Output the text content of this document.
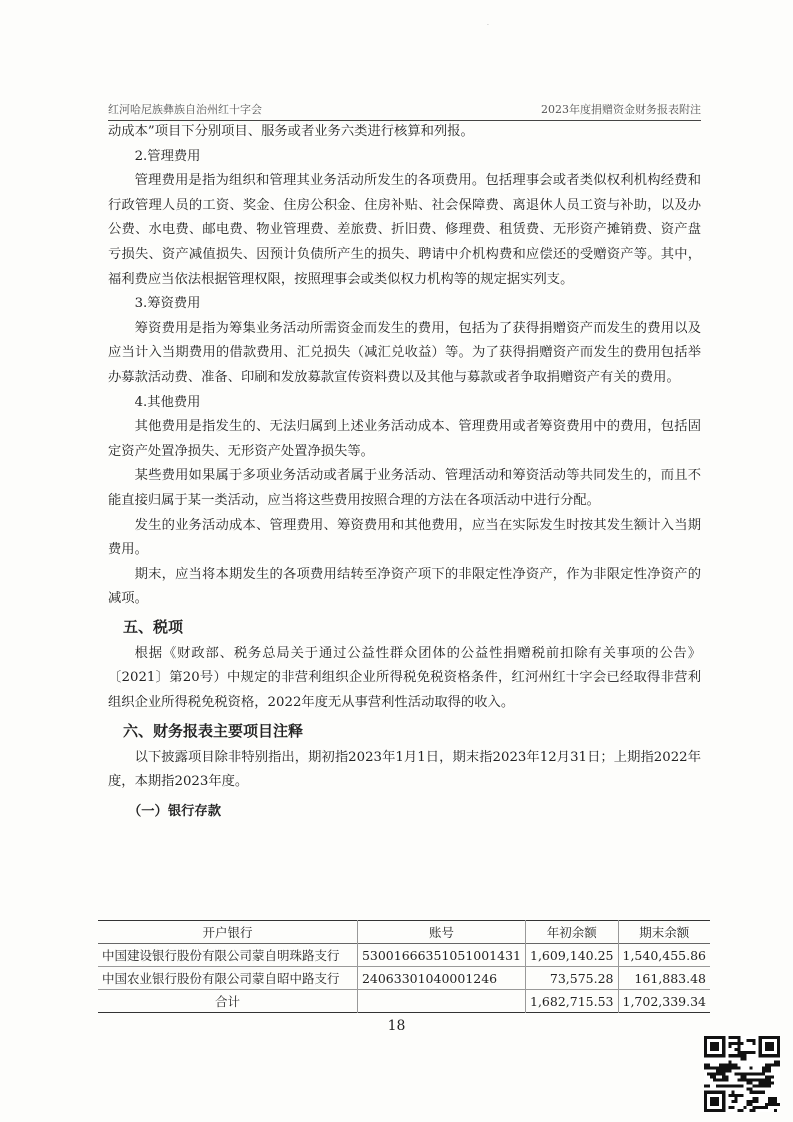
·
红河哈尼族彝族自治州红十字会	2023年度捐赠资金财务报表附注

动成本”项目下分别项目、服务或者业务六类进行核算和列报。

2.管理费用

管理费用是指为组织和管理其业务活动所发生的各项费用。包括理事会或者类似权利机构经费和行政管理人员的工资、奖金、住房公积金、住房补贴、社会保障费、离退休人员工资与补助，以及办公费、水电费、邮电费、物业管理费、差旅费、折旧费、修理费、租赁费、无形资产摊销费、资产盘亏损失、资产减值损失、因预计负债所产生的损失、聘请中介机构费和应偿还的受赠资产等。其中，福利费应当依法根据管理权限，按照理事会或类似权力机构等的规定据实列支。

3.筹资费用

筹资费用是指为筹集业务活动所需资金而发生的费用，包括为了获得捐赠资产而发生的费用以及应当计入当期费用的借款费用、汇兑损失（减汇兑收益）等。为了获得捐赠资产而发生的费用包括举办募款活动费、准备、印刷和发放募款宣传资料费以及其他与募款或者争取捐赠资产有关的费用。

4.其他费用

其他费用是指发生的、无法归属到上述业务活动成本、管理费用或者筹资费用中的费用，包括固定资产处置净损失、无形资产处置净损失等。

某些费用如果属于多项业务活动或者属于业务活动、管理活动和筹资活动等共同发生的，而且不能直接归属于某一类活动，应当将这些费用按照合理的方法在各项活动中进行分配。

发生的业务活动成本、管理费用、筹资费用和其他费用，应当在实际发生时按其发生额计入当期费用。

期末，应当将本期发生的各项费用结转至净资产项下的非限定性净资产，作为非限定性净资产的减项。

五、税项

根据《财政部、税务总局关于通过公益性群众团体的公益性捐赠税前扣除有关事项的公告》〔2021〕第20号）中规定的非营利组织企业所得税免税资格条件，红河州红十字会已经取得非营利组织企业所得税免税资格，2022年度无从事营利性活动取得的收入。

六、财务报表主要项目注释

以下披露项目除非特别指出，期初指2023年1月1日，期末指2023年12月31日；上期指2022年度，本期指2023年度。

（一）银行存款

开户银行	账号	年初余额	期末余额
中国建设银行股份有限公司蒙自明珠路支行	53001666351051001431	1,609,140.25	1,540,455.86
中国农业银行股份有限公司蒙自昭中路支行	24063301040001246	73,575.28	161,883.48
合计		1,682,715.53	1,702,339.34
18
